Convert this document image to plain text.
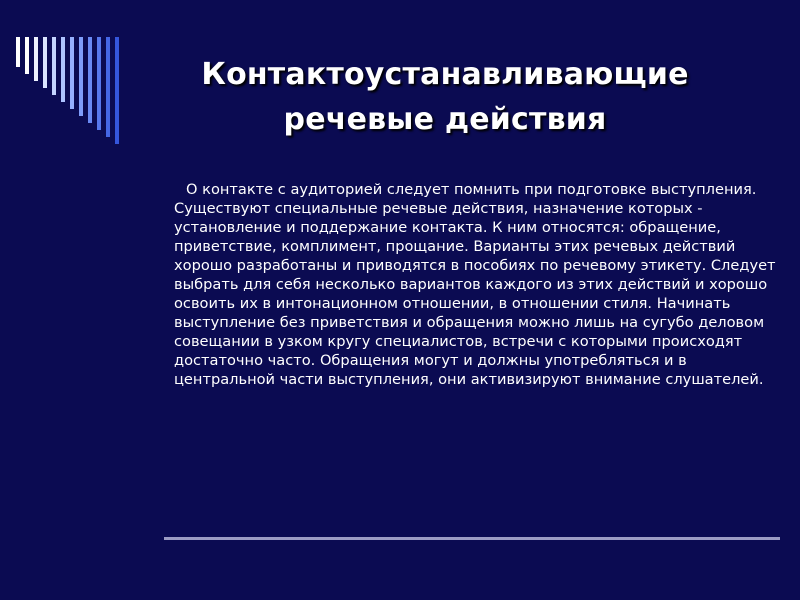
Контактоустанавливающие
речевые действия

О контакте с аудиторией следует помнить при подготовке выступления. Существуют специальные речевые действия, назначение которых - установление и поддержание контакта. К ним относятся: обращение, приветствие, комплимент, прощание. Варианты этих речевых действий хорошо разработаны и приводятся в пособиях по речевому этикету. Следует выбрать для себя несколько вариантов каждого из этих действий и хорошо освоить их в интонационном отношении, в отношении стиля. Начинать выступление без приветствия и обращения можно лишь на сугубо деловом совещании в узком кругу специалистов, встречи с которыми происходят достаточно часто. Обращения могут и должны употребляться и в центральной части выступления, они активизируют внимание слушателей.
